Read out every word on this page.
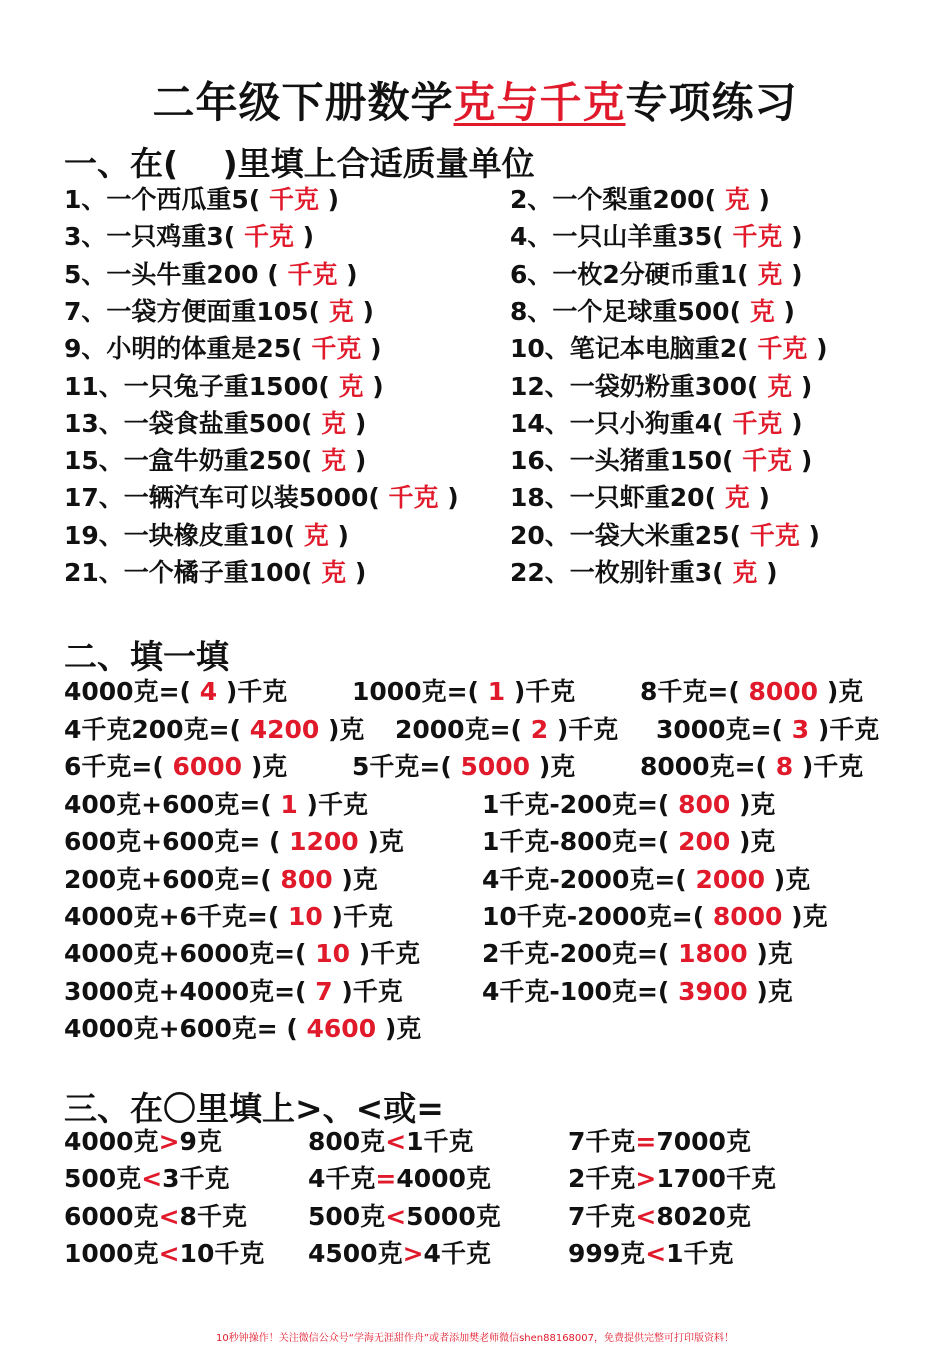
二年级下册数学克与千克专项练习
一、在(　 )里填上合适质量单位
1、一个西瓜重5( 千克 )	2、一个梨重200( 克 )
3、一只鸡重3( 千克 )	4、一只山羊重35( 千克 )
5、一头牛重200 ( 千克 )	6、一枚2分硬币重1( 克 )
7、一袋方便面重105( 克 )	8、一个足球重500( 克 )
9、小明的体重是25( 千克 )	10、笔记本电脑重2( 千克 )
11、一只兔子重1500( 克 )	12、一袋奶粉重300( 克 )
13、一袋食盐重500( 克 )	14、一只小狗重4( 千克 )
15、一盒牛奶重250( 克 )	16、一头猪重150( 千克 )
17、一辆汽车可以装5000( 千克 ) 18、一只虾重20( 克 )
19、一块橡皮重10( 克 )	20、一袋大米重25( 千克 )
21、一个橘子重100( 克 )	22、一枚别针重3( 克 )
二、填一填
4000克=( 4 )千克	1000克=( 1 )千克	8千克=( 8000 )克
4千克200克=( 4200 )克 2000克=( 2 )千克 3000克=( 3 )千克
6千克=( 6000 )克	5千克=( 5000 )克	8000克=( 8 )千克
400克+600克=( 1 )千克	1千克-200克=( 800 )克
600克+600克= ( 1200 )克	1千克-800克=( 200 )克
200克+600克=( 800 )克	4千克-2000克=( 2000 )克
4000克+6千克=( 10 )千克	10千克-2000克=( 8000 )克
4000克+6000克=( 10 )千克 2千克-200克=( 1800 )克
3000克+4000克=( 7 )千克	4千克-100克=( 3900 )克
4000克+600克= ( 4600 )克
三、在〇里填上>、<或=
4000克>9克	800克<1千克	7千克=7000克
500克<3千克	4千克=4000克	2千克>1700千克
6000克<8千克 500克<5000克	7千克<8020克
1000克<10千克 4500克>4千克	999克<1千克
10秒钟操作！关注微信公众号“学海无涯甜作舟”或者添加樊老师微信shen88168007，免费提供完整可打印版资料！
